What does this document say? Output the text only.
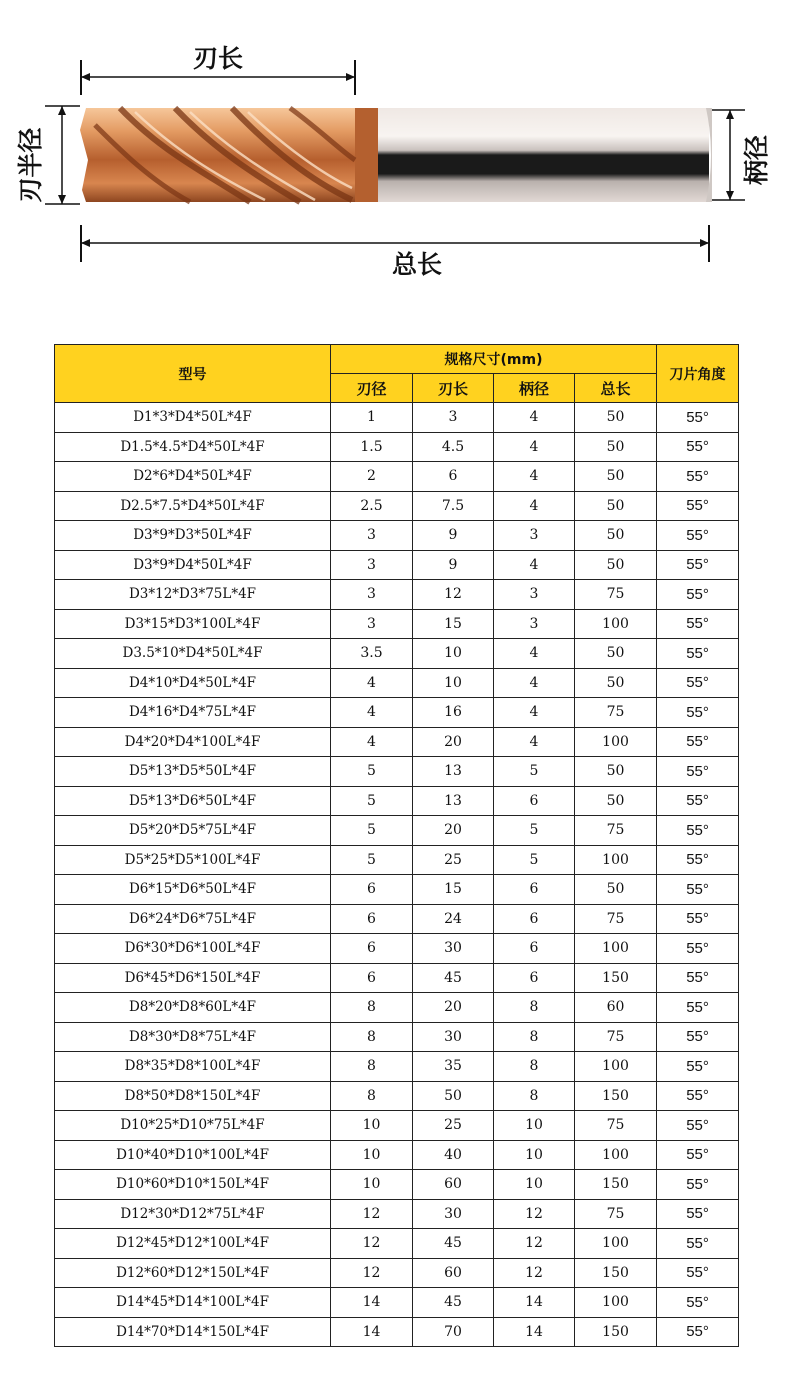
刃长
刃半径	柄径
总长
型号	规格尺寸(mm)				刀片角度
	刃径	刃长	柄径	总长	
D1*3*D4*50L*4F	1	3	4	50	55°
D1.5*4.5*D4*50L*4F	1.5	4.5	4	50	55°
D2*6*D4*50L*4F	2	6	4	50	55°
D2.5*7.5*D4*50L*4F	2.5	7.5	4	50	55°
D3*9*D3*50L*4F	3	9	3	50	55°
D3*9*D4*50L*4F	3	9	4	50	55°
D3*12*D3*75L*4F	3	12	3	75	55°
D3*15*D3*100L*4F	3	15	3	100	55°
D3.5*10*D4*50L*4F	3.5	10	4	50	55°
D4*10*D4*50L*4F	4	10	4	50	55°
D4*16*D4*75L*4F	4	16	4	75	55°
D4*20*D4*100L*4F	4	20	4	100	55°
D5*13*D5*50L*4F	5	13	5	50	55°
D5*13*D6*50L*4F	5	13	6	50	55°
D5*20*D5*75L*4F	5	20	5	75	55°
D5*25*D5*100L*4F	5	25	5	100	55°
D6*15*D6*50L*4F	6	15	6	50	55°
D6*24*D6*75L*4F	6	24	6	75	55°
D6*30*D6*100L*4F	6	30	6	100	55°
D6*45*D6*150L*4F	6	45	6	150	55°
D8*20*D8*60L*4F	8	20	8	60	55°
D8*30*D8*75L*4F	8	30	8	75	55°
D8*35*D8*100L*4F	8	35	8	100	55°
D8*50*D8*150L*4F	8	50	8	150	55°
D10*25*D10*75L*4F	10	25	10	75	55°
D10*40*D10*100L*4F	10	40	10	100	55°
D10*60*D10*150L*4F	10	60	10	150	55°
D12*30*D12*75L*4F	12	30	12	75	55°
D12*45*D12*100L*4F	12	45	12	100	55°
D12*60*D12*150L*4F	12	60	12	150	55°
D14*45*D14*100L*4F	14	45	14	100	55°
D14*70*D14*150L*4F	14	70	14	150	55°
